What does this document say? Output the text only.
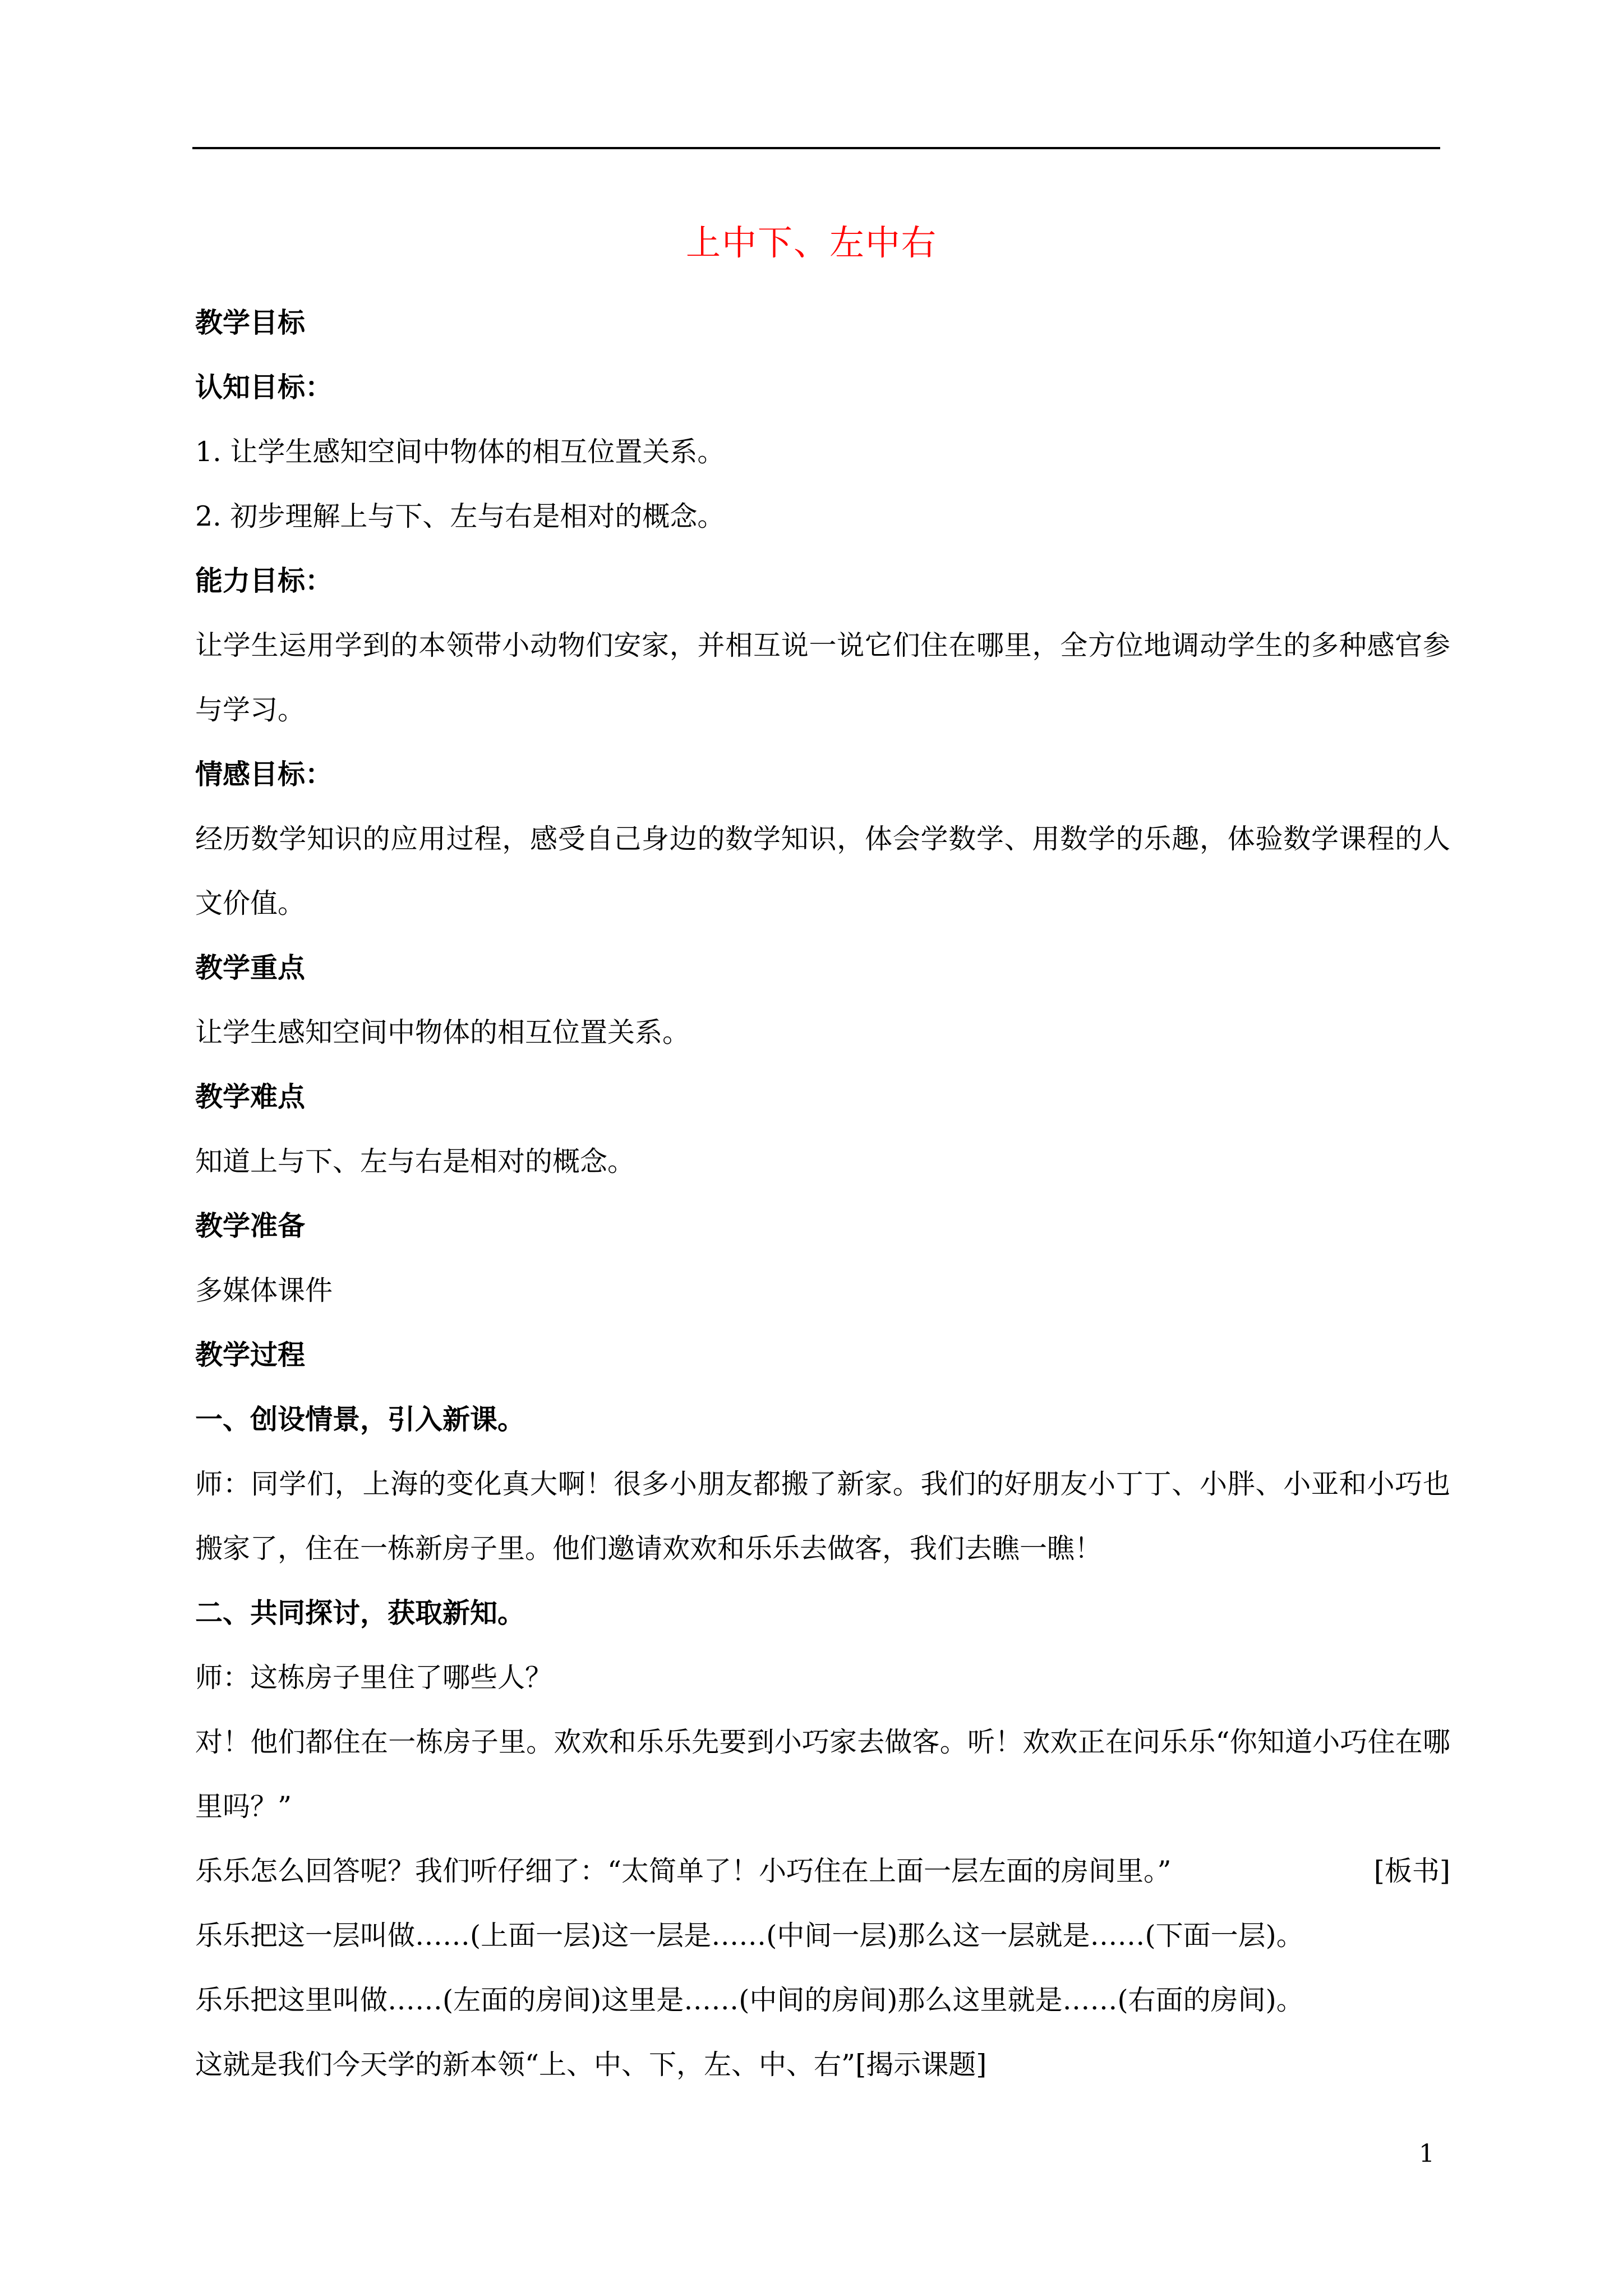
上中下、左中右
教学目标
认知目标：
1. 让学生感知空间中物体的相互位置关系。
2. 初步理解上与下、左与右是相对的概念。
能力目标：
让学生运用学到的本领带小动物们安家，并相互说一说它们住在哪里，全方位地调动学生的多种感官参与学习。
情感目标：
经历数学知识的应用过程，感受自己身边的数学知识，体会学数学、用数学的乐趣，体验数学课程的人文价值。
教学重点
让学生感知空间中物体的相互位置关系。
教学难点
知道上与下、左与右是相对的概念。
教学准备
多媒体课件
教学过程
一、创设情景，引入新课。
师：同学们，上海的变化真大啊！很多小朋友都搬了新家。我们的好朋友小丁丁、小胖、小亚和小巧也搬家了，住在一栋新房子里。他们邀请欢欢和乐乐去做客，我们去瞧一瞧！
二、共同探讨，获取新知。
师：这栋房子里住了哪些人？
对！他们都住在一栋房子里。欢欢和乐乐先要到小巧家去做客。听！欢欢正在问乐乐“你知道小巧住在哪里吗？”
乐乐怎么回答呢？我们听仔细了：“太简单了！小巧住在上面一层左面的房间里。”	[板书]
乐乐把这一层叫做……(上面一层)这一层是……(中间一层)那么这一层就是……(下面一层)。
乐乐把这里叫做……(左面的房间)这里是……(中间的房间)那么这里就是……(右面的房间)。
这就是我们今天学的新本领“上、中、下，左、中、右”[揭示课题]
1
